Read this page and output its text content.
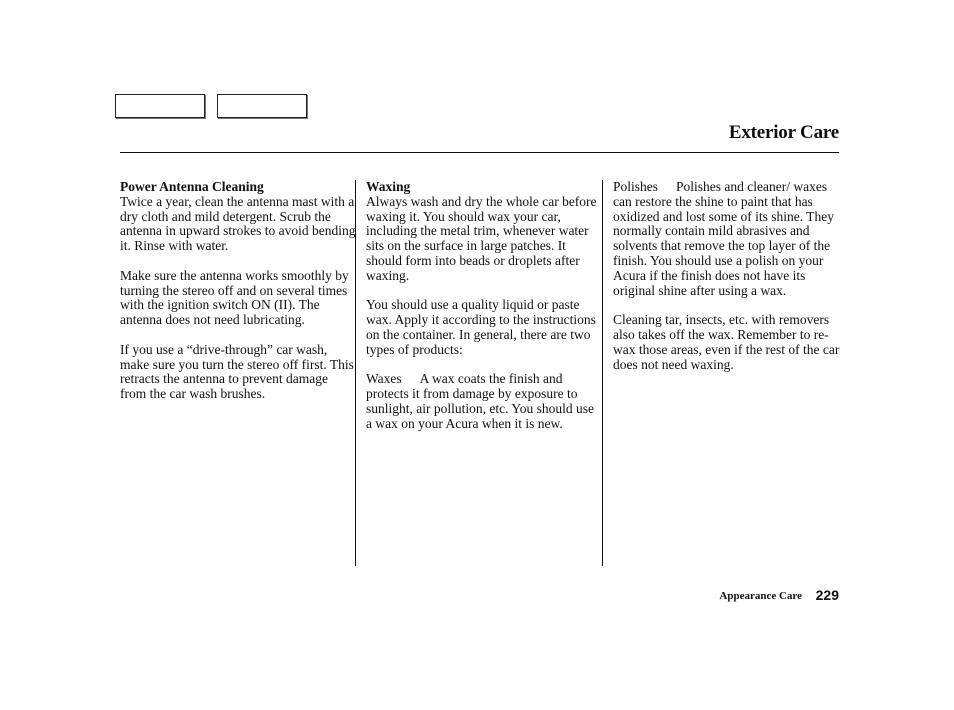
Exterior Care
Power Antenna Cleaning

Twice a year, clean the antenna mast with a dry cloth and mild detergent. Scrub the antenna in upward strokes to avoid bending it. Rinse with water.

Make sure the antenna works smoothly by turning the stereo off and on several times with the ignition switch ON (II). The antenna does not need lubricating.

If you use a “drive-through” car wash, make sure you turn the stereo off first. This retracts the antenna to prevent damage from the car wash brushes.

Waxing

Always wash and dry the whole car before waxing it. You should wax your car, including the metal trim, whenever water sits on the surface in large patches. It should form into beads or droplets after waxing.

You should use a quality liquid or paste wax. Apply it according to the instructions on the container. In general, there are two types of products:

Waxes A wax coats the finish and protects it from damage by exposure to sunlight, air pollution, etc. You should use a wax on your Acura when it is new.

Polishes Polishes and cleaner/ waxes can restore the shine to paint that has oxidized and lost some of its shine. They normally contain mild abrasives and solvents that remove the top layer of the finish. You should use a polish on your Acura if the finish does not have its original shine after using a wax.

Cleaning tar, insects, etc. with removers also takes off the wax. Remember to re-wax those areas, even if the rest of the car does not need waxing.

Appearance Care 229
